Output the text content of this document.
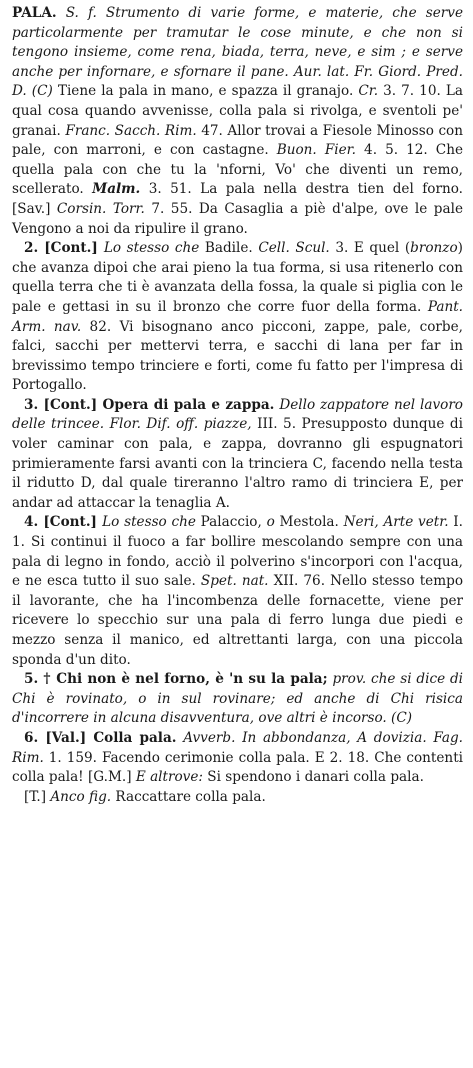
PALA. S. f. Strumento di varie forme, e materie, che serve particolarmente per tramutar le cose minute, e che non si tengono insieme, come rena, biada, terra, neve, e sim ; e serve anche per infornare, e sfornare il pane. Aur. lat. Fr. Giord. Pred. D. (C) Tiene la pala in mano, e spazza il granajo. Cr. 3. 7. 10. La qual cosa quando avvenisse, colla pala si rivolga, e sventoli pe' granai. Franc. Sacch. Rim. 47. Allor trovai a Fiesole Minosso con pale, con marroni, e con castagne. Buon. Fier. 4. 5. 12. Che quella pala con che tu la 'nforni, Vo' che diventi un remo, scellerato. Malm. 3. 51. La pala nella destra tien del forno. [Sav.] Corsin. Torr. 7. 55. Da Casaglia a piè d'alpe, ove le pale Vengono a noi da ripulire il grano.

2. [Cont.] Lo stesso che Badile. Cell. Scul. 3. E quel (bronzo) che avanza dipoi che arai pieno la tua forma, si usa ritenerlo con quella terra che ti è avanzata della fossa, la quale si piglia con le pale e gettasi in su il bronzo che corre fuor della forma. Pant. Arm. nav. 82. Vi bisognano anco picconi, zappe, pale, corbe, falci, sacchi per mettervi terra, e sacchi di lana per far in brevissimo tempo trinciere e forti, come fu fatto per l'impresa di Portogallo.

3. [Cont.] Opera di pala e zappa. Dello zappatore nel lavoro delle trincee. Flor. Dif. off. piazze, III. 5. Presupposto dunque di voler caminar con pala, e zappa, dovranno gli espugnatori primieramente farsi avanti con la trinciera C, facendo nella testa il ridutto D, dal quale tireranno l'altro ramo di trinciera E, per andar ad attaccar la tenaglia A.

4. [Cont.] Lo stesso che Palaccio, o Mestola. Neri, Arte vetr. I. 1. Si continui il fuoco a far bollire mescolando sempre con una pala di legno in fondo, acciò il polverino s'incorpori con l'acqua, e ne esca tutto il suo sale. Spet. nat. XII. 76. Nello stesso tempo il lavorante, che ha l'incombenza delle fornacette, viene per ricevere lo specchio sur una pala di ferro lunga due piedi e mezzo senza il manico, ed altrettanti larga, con una piccola sponda d'un dito.

5. † Chi non è nel forno, è 'n su la pala; prov. che si dice di Chi è rovinato, o in sul rovinare; ed anche di Chi risica d'incorrere in alcuna disavventura, ove altri è incorso. (C)

6. [Val.] Colla pala. Avverb. In abbondanza, A dovizia. Fag. Rim. 1. 159. Facendo cerimonie colla pala. E 2. 18. Che contenti colla pala! [G.M.] E altrove: Si spendono i danari colla pala.

[T.] Anco fig. Raccattare colla pala.
